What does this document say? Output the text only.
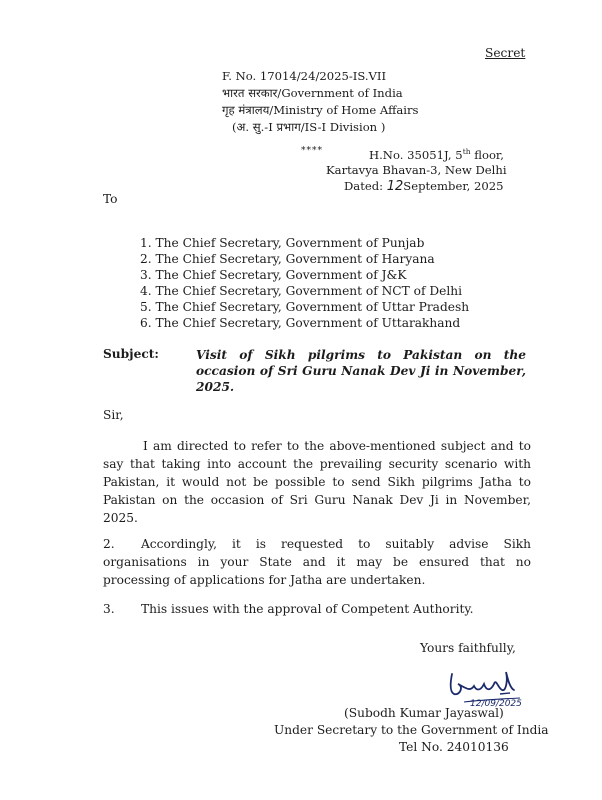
Secret
F. No. 17014/24/2025-IS.VII
भारत सरकार/Government of India
गृह मंत्रालय/Ministry of Home Affairs
(अ. सु.-I प्रभाग/IS-I Division )
****	H.No. 35051J, 5th floor,
Kartavya Bhavan-3, New Delhi
Dated: 12September, 2025
To
1. The Chief Secretary, Government of Punjab
2. The Chief Secretary, Government of Haryana
3. The Chief Secretary, Government of J&K
4. The Chief Secretary, Government of NCT of Delhi
5. The Chief Secretary, Government of Uttar Pradesh
6. The Chief Secretary, Government of Uttarakhand
Subject:	Visit of Sikh pilgrims to Pakistan on the occasion of Sri Guru Nanak Dev Ji in November, 2025.
Sir,
I am directed to refer to the above-mentioned subject and to say that taking into account the prevailing security scenario with Pakistan, it would not be possible to send Sikh pilgrims Jatha to Pakistan on the occasion of Sri Guru Nanak Dev Ji in November, 2025.
2. Accordingly, it is requested to suitably advise Sikh organisations in your State and it may be ensured that no processing of applications for Jatha are undertaken.
3. This issues with the approval of Competent Authority.
Yours faithfully,
12/09/2025
(Subodh Kumar Jayaswal)
Under Secretary to the Government of India
Tel No. 24010136
